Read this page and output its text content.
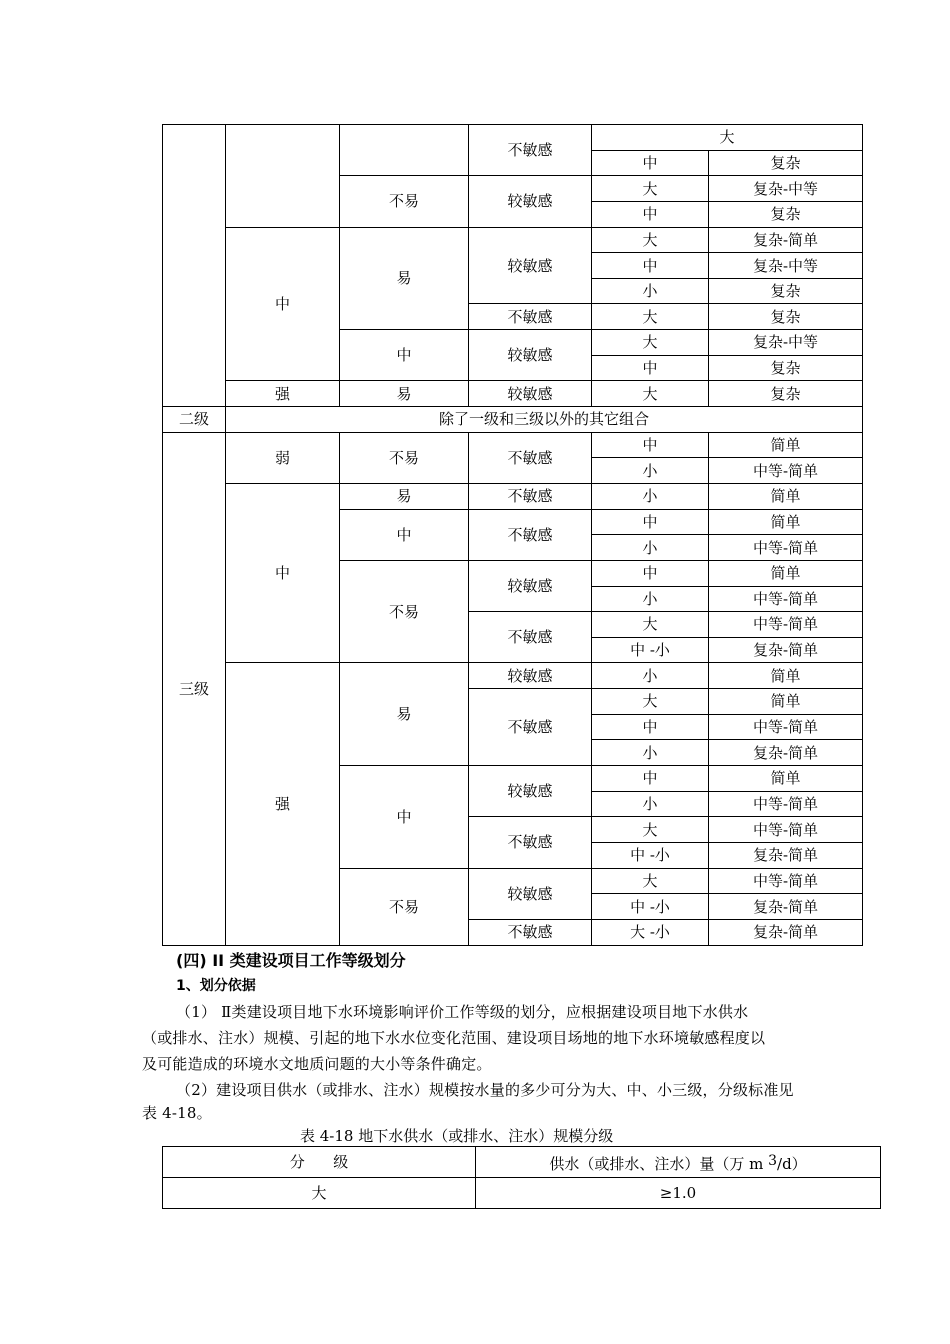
			不敏感	大	
				中	复杂
		不易	较敏感	大	复杂-中等
				中	复杂
	中	易	较敏感	大	复杂-简单
				中	复杂-中等
				小	复杂
			不敏感	大	复杂
		中	较敏感	大	复杂-中等
				中	复杂
	强	易	较敏感	大	复杂
二级	除了一级和三级以外的其它组合				
三级	弱	不易	不敏感	中	简单
				小	中等-简单
	中	易	不敏感	小	简单
		中	不敏感	中	简单
				小	中等-简单
		不易	较敏感	中	简单
				小	中等-简单
			不敏感	大	中等-简单
				中 -小	复杂-简单
	强	易	较敏感	小	简单
			不敏感	大	简单
				中	中等-简单
				小	复杂-简单
		中	较敏感	中	简单
				小	中等-简单
			不敏感	大	中等-简单
				中 -小	复杂-简单
		不易	较敏感	大	中等-简单
				中 -小	复杂-简单
			不敏感	大 -小	复杂-简单
(四) II 类建设项目工作等级划分
1、划分依据
（1） Ⅱ类建设项目地下水环境影响评价工作等级的划分，应根据建设项目地下水供水
（或排水、注水）规模、引起的地下水水位变化范围、建设项目场地的地下水环境敏感程度以
及可能造成的环境水文地质问题的大小等条件确定。
（2）建设项目供水（或排水、注水）规模按水量的多少可分为大、中、小三级，分级标准见
表 4-18。
表 4-18 地下水供水（或排水、注水）规模分级
分      级	供水（或排水、注水）量（万 m $^3$/d）
大	≥1.0
